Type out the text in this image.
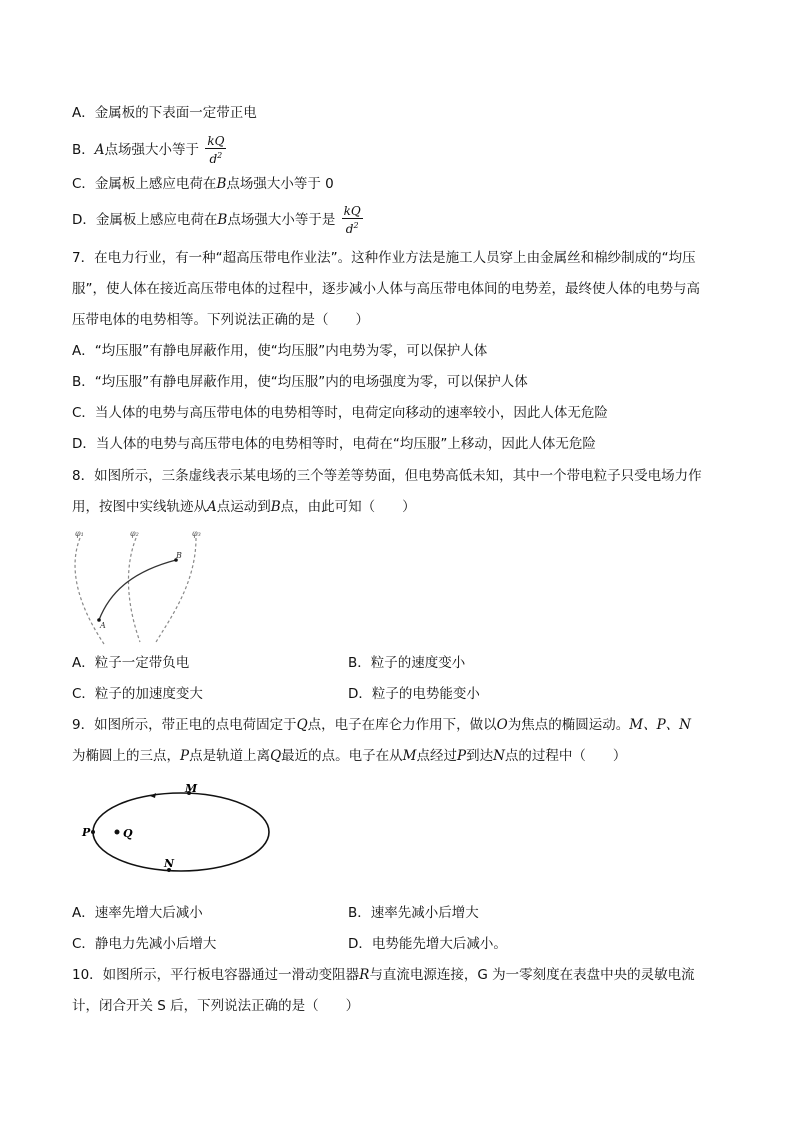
A．金属板的下表面一定带正电
B．A点场强大小等于 $\frac{kQ}{d^2}$
C．金属板上感应电荷在B点场强大小等于 0
D．金属板上感应电荷在B点场强大小等于是 $\frac{kQ}{d^2}$
7．在电力行业，有一种“超高压带电作业法”。这种作业方法是施工人员穿上由金属丝和棉纱制成的“均压
服”，使人体在接近高压带电体的过程中，逐步减小人体与高压带电体间的电势差，最终使人体的电势与高
压带电体的电势相等。下列说法正确的是（　　）
A．“均压服”有静电屏蔽作用，使“均压服”内电势为零，可以保护人体
B．“均压服”有静电屏蔽作用，使“均压服”内的电场强度为零，可以保护人体
C．当人体的电势与高压带电体的电势相等时，电荷定向移动的速率较小，因此人体无危险
D．当人体的电势与高压带电体的电势相等时，电荷在“均压服”上移动，因此人体无危险
8．如图所示，三条虚线表示某电场的三个等差等势面，但电势高低未知，其中一个带电粒子只受电场力作
用，按图中实线轨迹从A点运动到B点，由此可知（　　）
φ₁	φ₂	φ₃
A
B
A．粒子一定带负电	B．粒子的速度变小
C．粒子的加速度变大	D．粒子的电势能变小
9．如图所示，带正电的点电荷固定于Q点，电子在库仑力作用下，做以O为焦点的椭圆运动。M、P、N
为椭圆上的三点，P点是轨道上离Q最近的点。电子在从M点经过P到达N点的过程中（　　）
M
P	Q
N
A．速率先增大后减小	B．速率先减小后增大
C．静电力先减小后增大	D．电势能先增大后减小。
10．如图所示，平行板电容器通过一滑动变阻器R与直流电源连接，G 为一零刻度在表盘中央的灵敏电流
计，闭合开关 S 后，下列说法正确的是（　　）
